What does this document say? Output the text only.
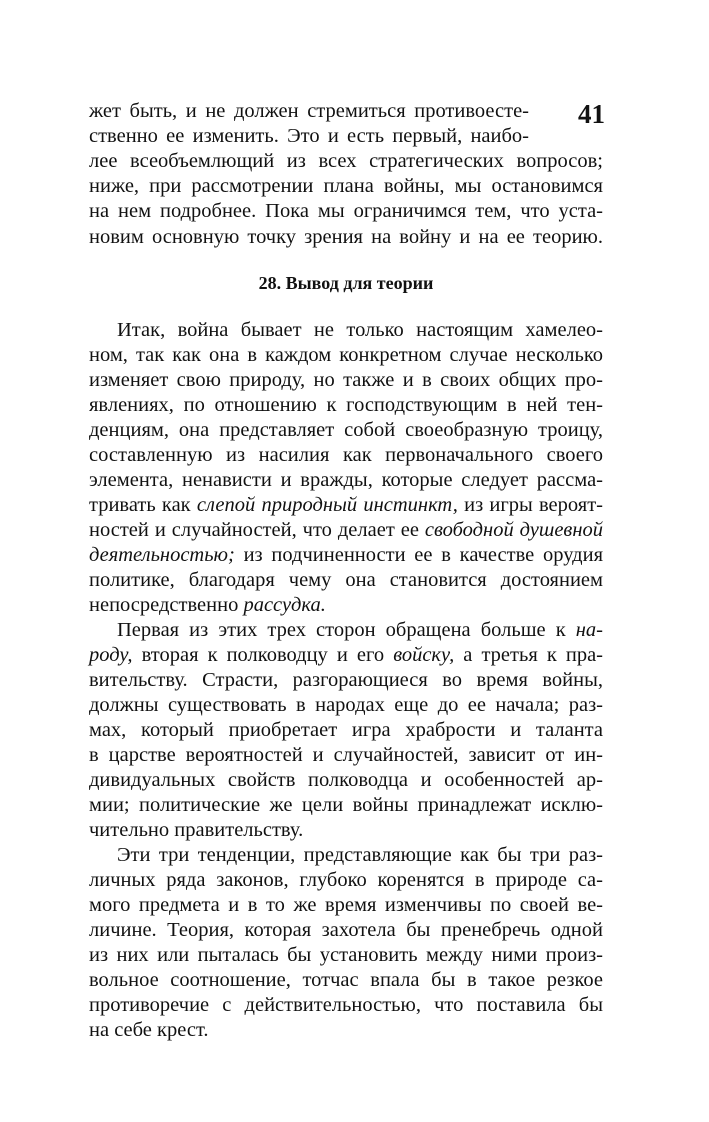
41
жет быть, и не должен стремиться противоесте-
ственно ее изменить. Это и есть первый, наибо-
лее всеобъемлющий из всех стратегических вопросов;
ниже, при рассмотрении плана войны, мы остановимся
на нем подробнее. Пока мы ограничимся тем, что уста-
новим основную точку зрения на войну и на ее теорию.
28. Вывод для теории
Итак, война бывает не только настоящим хамелео-
ном, так как она в каждом конкретном случае несколько
изменяет свою природу, но также и в своих общих про-
явлениях, по отношению к господствующим в ней тен-
денциям, она представляет собой своеобразную троицу,
составленную из насилия как первоначального своего
элемента, ненависти и вражды, которые следует рассма-
тривать как слепой природный инстинкт, из игры вероят-
ностей и случайностей, что делает ее свободной душевной
деятельностью; из подчиненности ее в качестве орудия
политике, благодаря чему она становится достоянием
непосредственно рассудка.
Первая из этих трех сторон обращена больше к на-
роду, вторая к полководцу и его войску, а третья к пра-
вительству. Страсти, разгорающиеся во время войны,
должны существовать в народах еще до ее начала; раз-
мах, который приобретает игра храбрости и таланта
в царстве вероятностей и случайностей, зависит от ин-
дивидуальных свойств полководца и особенностей ар-
мии; политические же цели войны принадлежат исклю-
чительно правительству.
Эти три тенденции, представляющие как бы три раз-
личных ряда законов, глубоко коренятся в природе са-
мого предмета и в то же время изменчивы по своей ве-
личине. Теория, которая захотела бы пренебречь одной
из них или пыталась бы установить между ними произ-
вольное соотношение, тотчас впала бы в такое резкое
противоречие с действительностью, что поставила бы
на себе крест.
